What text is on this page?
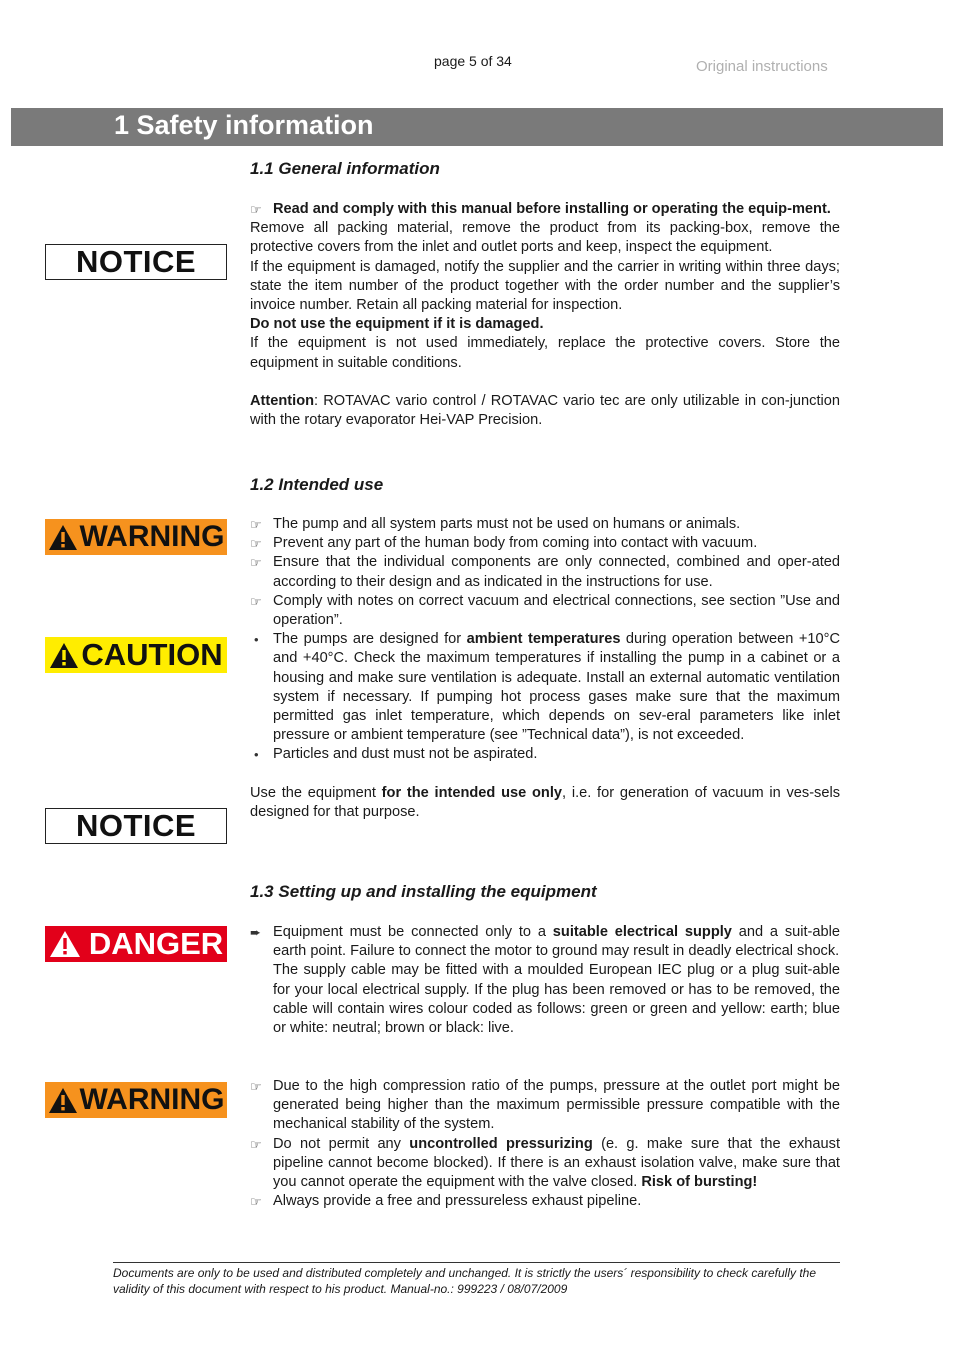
page 5 of 34	Original instructions
1 Safety information
NOTICE
WARNING
CAUTION
NOTICE
DANGER
WARNING
1.1 General information
☞ Read and comply with this manual before installing or operating the equip-ment.

Remove all packing material, remove the product from its packing-box, remove the protective covers from the inlet and outlet ports and keep, inspect the equipment.

If the equipment is damaged, notify the supplier and the carrier in writing within three days; state the item number of the product together with the order number and the supplier’s invoice number. Retain all packing material for inspection.

Do not use the equipment if it is damaged.

If the equipment is not used immediately, replace the protective covers. Store the equipment in suitable conditions.

Attention: ROTAVAC vario control / ROTAVAC vario tec are only utilizable in con-junction with the rotary evaporator Hei-VAP Precision.

1.2 Intended use
☞ The pump and all system parts must not be used on humans or animals.
☞ Prevent any part of the human body from coming into contact with vacuum.
☞ Ensure that the individual components are only connected, combined and oper-ated according to their design and as indicated in the instructions for use.
☞ Comply with notes on correct vacuum and electrical connections, see section ”Use and operation”.
• The pumps are designed for ambient temperatures during operation between +10°C and +40°C. Check the maximum temperatures if installing the pump in a cabinet or a housing and make sure ventilation is adequate. Install an external automatic ventilation system if necessary. If pumping hot process gases make sure that the maximum permitted gas inlet temperature, which depends on sev-eral parameters like inlet pressure or ambient temperature (see ”Technical data”), is not exceeded.
• Particles and dust must not be aspirated.

Use the equipment for the intended use only, i.e. for generation of vacuum in ves-sels designed for that purpose.

1.3 Setting up and installing the equipment
➨ Equipment must be connected only to a suitable electrical supply and a suit-able earth point. Failure to connect the motor to ground may result in deadly electrical shock.
The supply cable may be fitted with a moulded European IEC plug or a plug suit-able for your local electrical supply. If the plug has been removed or has to be removed, the cable will contain wires colour coded as follows: green or green and yellow: earth; blue or white: neutral; brown or black: live.
☞ Due to the high compression ratio of the pumps, pressure at the outlet port might be generated being higher than the maximum permissible pressure compatible with the mechanical stability of the system.
☞ Do not permit any uncontrolled pressurizing (e. g. make sure that the exhaust pipeline cannot become blocked). If there is an exhaust isolation valve, make sure that you cannot operate the equipment with the valve closed. Risk of bursting!
☞ Always provide a free and pressureless exhaust pipeline.
Documents are only to be used and distributed completely and unchanged. It is strictly the users´ responsibility to check carefully the validity of this document with respect to his product. Manual-no.: 999223 / 08/07/2009
